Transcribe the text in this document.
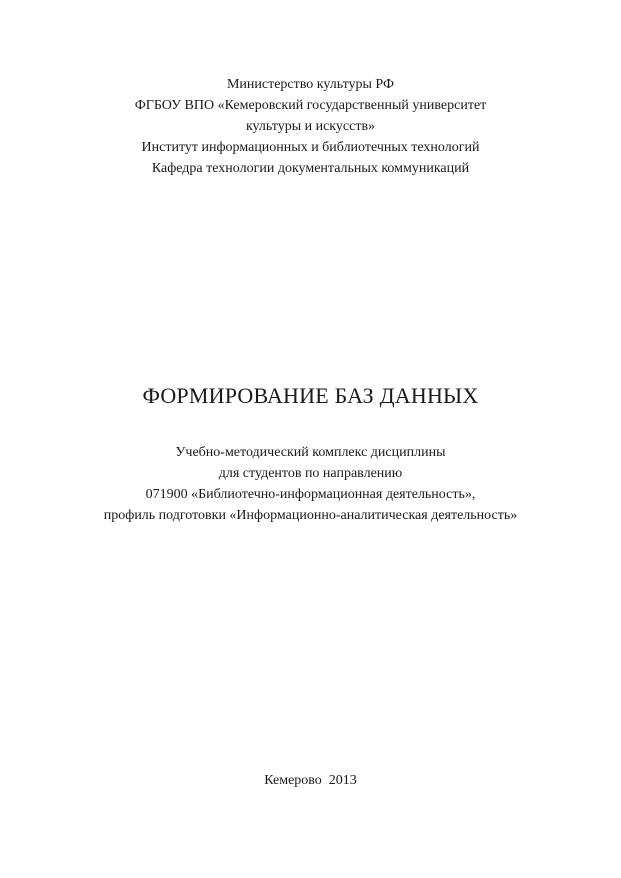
Министерство культуры РФ
ФГБОУ ВПО «Кемеровский государственный университет
культуры и искусств»
Институт информационных и библиотечных технологий
Кафедра технологии документальных коммуникаций
ФОРМИРОВАНИЕ БАЗ ДАННЫХ
Учебно-методический комплекс дисциплины
для студентов по направлению
071900 «Библиотечно-информационная деятельность»,
профиль подготовки «Информационно-аналитическая деятельность»
Кемерово  2013
